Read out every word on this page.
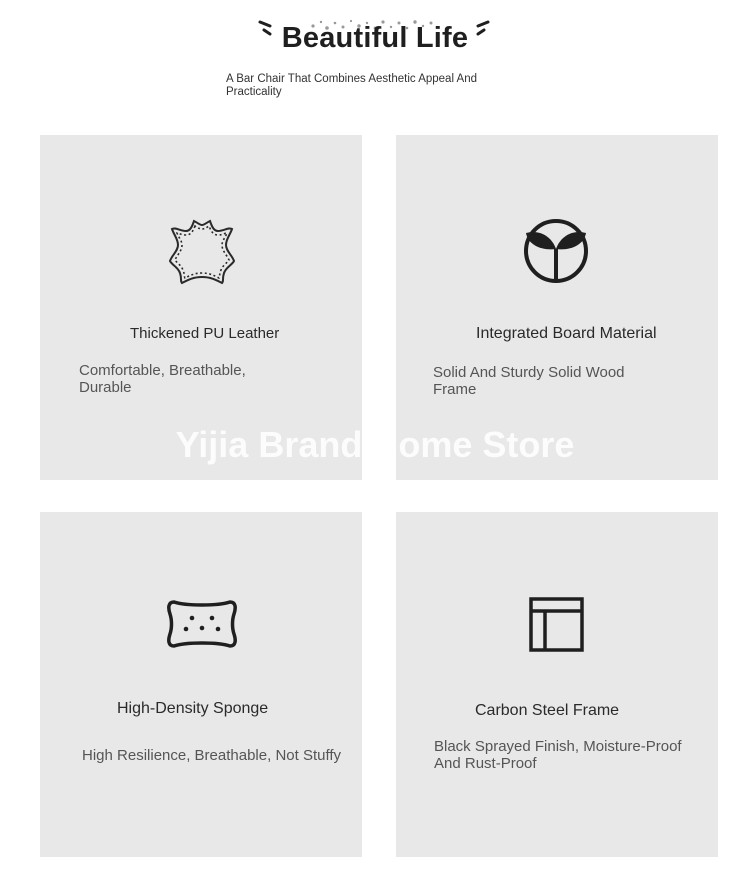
Beautiful Life
A Bar Chair That Combines Aesthetic Appeal And Practicality
Thickened PU Leather
Comfortable, Breathable, Durable
Integrated Board Material
Solid And Sturdy Solid Wood Frame
High-Density Sponge
High Resilience, Breathable, Not Stuffy
Carbon Steel Frame
Black Sprayed Finish, Moisture-Proof And Rust-Proof
Yijia Brand Home Store
